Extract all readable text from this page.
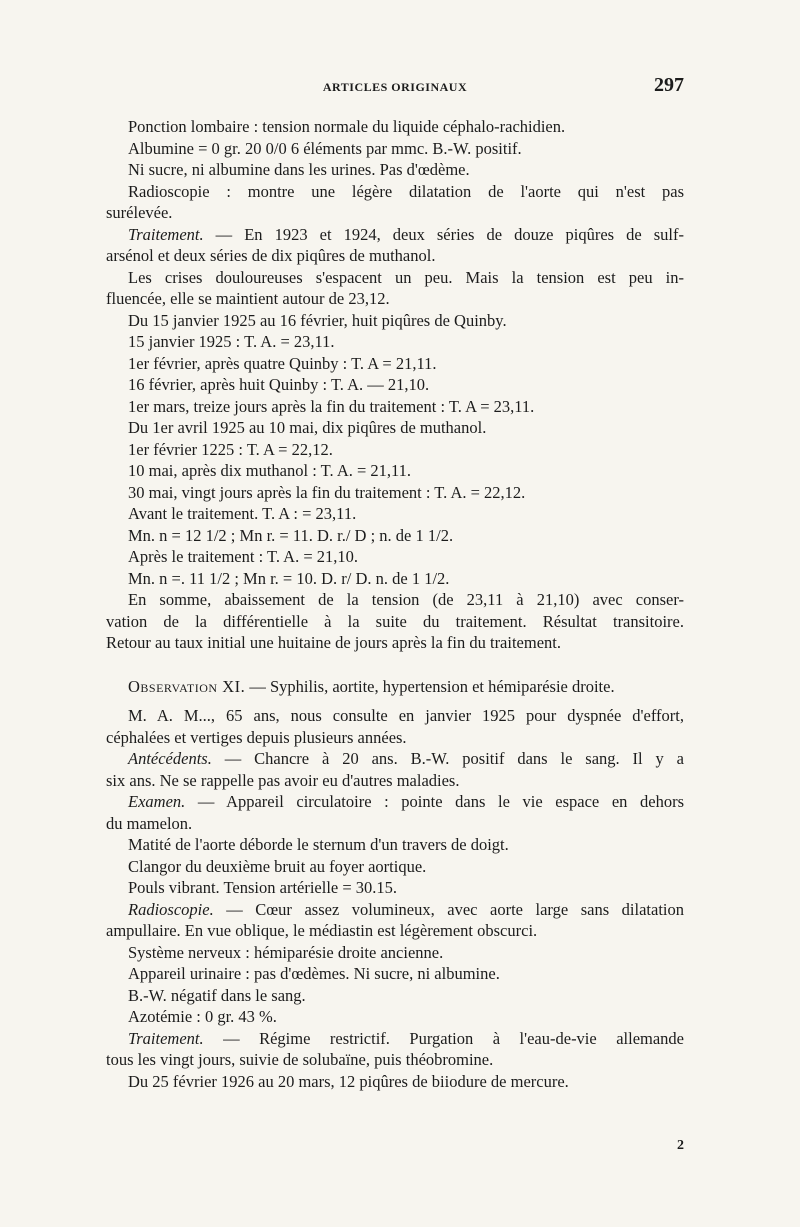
ARTICLES ORIGINAUX	297
Ponction lombaire : tension normale du liquide céphalo-rachidien.
Albumine = 0 gr. 20 0/0 6 éléments par mmc. B.-W. positif.
Ni sucre, ni albumine dans les urines. Pas d'œdème.
Radioscopie : montre une légère dilatation de l'aorte qui n'est pas
surélevée.
Traitement. — En 1923 et 1924, deux séries de douze piqûres de sulf-
arsénol et deux séries de dix piqûres de muthanol.
Les crises douloureuses s'espacent un peu. Mais la tension est peu in-
fluencée, elle se maintient autour de 23,12.
Du 15 janvier 1925 au 16 février, huit piqûres de Quinby.
15 janvier 1925 : T. A. = 23,11.
1er février, après quatre Quinby : T. A = 21,11.
16 février, après huit Quinby : T. A. — 21,10.
1er mars, treize jours après la fin du traitement : T. A = 23,11.
Du 1er avril 1925 au 10 mai, dix piqûres de muthanol.
1er février 1225 : T. A = 22,12.
10 mai, après dix muthanol : T. A. = 21,11.
30 mai, vingt jours après la fin du traitement : T. A. = 22,12.
Avant le traitement. T. A : = 23,11.
Mn. n = 12 1/2 ; Mn r. = 11. D. r./ D ; n. de 1 1/2.
Après le traitement : T. A. = 21,10.
Mn. n =. 11 1/2 ; Mn r. = 10. D. r/ D. n. de 1 1/2.
En somme, abaissement de la tension (de 23,11 à 21,10) avec conser-
vation de la différentielle à la suite du traitement. Résultat transitoire.
Retour au taux initial une huitaine de jours après la fin du traitement.
Observation XI. — Syphilis, aortite, hypertension et hémiparésie droite.
M. A. M..., 65 ans, nous consulte en janvier 1925 pour dyspnée d'effort,
céphalées et vertiges depuis plusieurs années.
Antécédents. — Chancre à 20 ans. B.-W. positif dans le sang. Il y a
six ans. Ne se rappelle pas avoir eu d'autres maladies.
Examen. — Appareil circulatoire : pointe dans le vie espace en dehors
du mamelon.
Matité de l'aorte déborde le sternum d'un travers de doigt.
Clangor du deuxième bruit au foyer aortique.
Pouls vibrant. Tension artérielle = 30.15.
Radioscopie. — Cœur assez volumineux, avec aorte large sans dilatation
ampullaire. En vue oblique, le médiastin est légèrement obscurci.
Système nerveux : hémiparésie droite ancienne.
Appareil urinaire : pas d'œdèmes. Ni sucre, ni albumine.
B.-W. négatif dans le sang.
Azotémie : 0 gr. 43 %.
Traitement. — Régime restrictif. Purgation à l'eau-de-vie allemande
tous les vingt jours, suivie de solubaïne, puis théobromine.
Du 25 février 1926 au 20 mars, 12 piqûres de biiodure de mercure.
2
